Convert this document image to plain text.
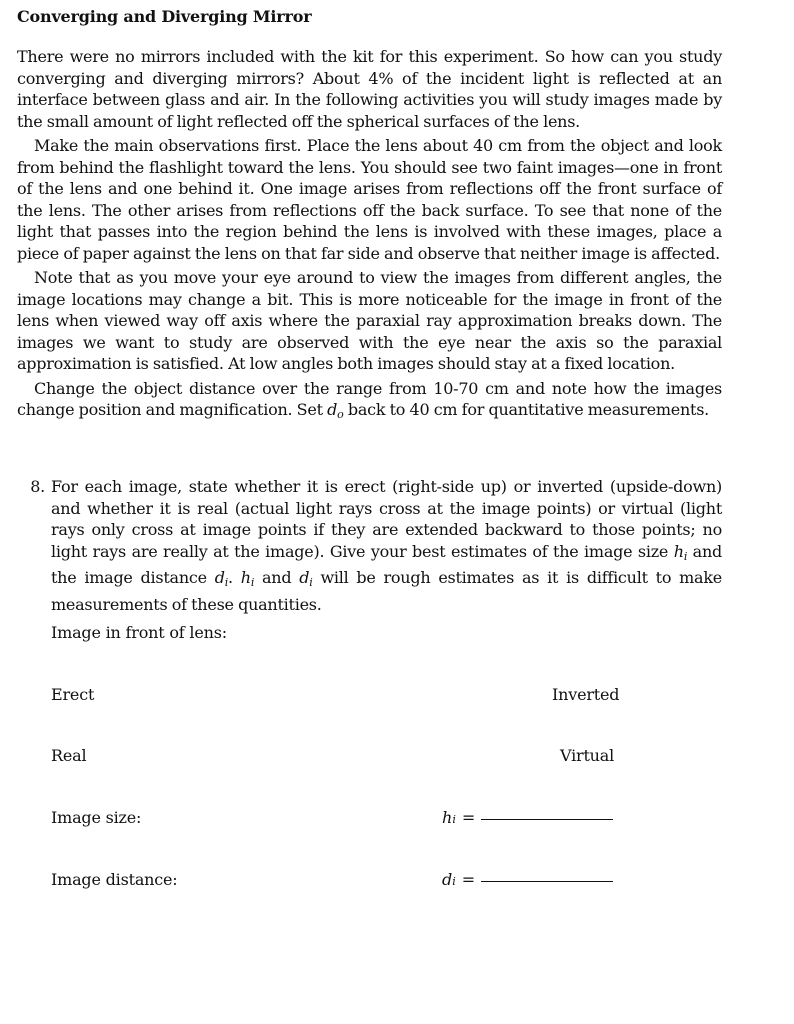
Converging and Diverging Mirror

There were no mirrors included with the kit for this experiment. So how can you study converging and diverging mirrors? About 4% of the incident light is reflected at an interface between glass and air. In the following activities you will study images made by the small amount of light reflected off the spherical surfaces of the lens.

Make the main observations first. Place the lens about 40 cm from the object and look from behind the flashlight toward the lens. You should see two faint images—one in front of the lens and one behind it. One image arises from reflections off the front surface of the lens. The other arises from reflections off the back surface. To see that none of the light that passes into the region behind the lens is involved with these images, place a piece of paper against the lens on that far side and observe that neither image is affected.

Note that as you move your eye around to view the images from different angles, the image locations may change a bit. This is more noticeable for the image in front of the lens when viewed way off axis where the paraxial ray approximation breaks down. The images we want to study are observed with the eye near the axis so the paraxial approximation is satisfied. At low angles both images should stay at a fixed location.

Change the object distance over the range from 10-70 cm and note how the images change position and magnification. Set $d_o$ back to 40 cm for quantitative measurements.

8. For each image, state whether it is erect (right-side up) or inverted (upside-down) and whether it is real (actual light rays cross at the image points) or virtual (light rays only cross at image points if they are extended backward to those points; no light rays are really at the image). Give your best estimates of the image size $h_i$ and the image distance $d_i$. $h_i$ and $d_i$ will be rough estimates as it is difficult to make measurements of these quantities.
Image in front of lens:
Erect	Inverted
Real	Virtual
Image size:	h i =
Image distance:	d i =
